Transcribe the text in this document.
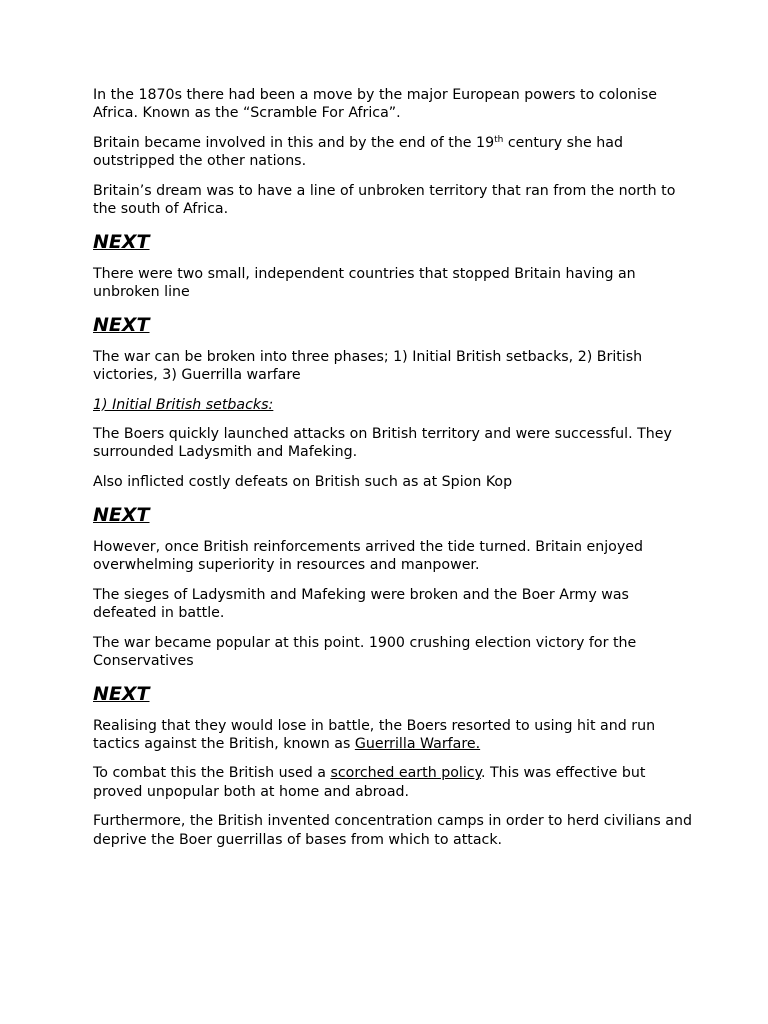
In the 1870s there had been a move by the major European powers to colonise Africa. Known as the “Scramble For Africa”.

Britain became involved in this and by the end of the 19th century she had outstripped the other nations.

Britain’s dream was to have a line of unbroken territory that ran from the north to the south of Africa.

NEXT

There were two small, independent countries that stopped Britain having an unbroken line

NEXT

The war can be broken into three phases; 1) Initial British setbacks, 2) British victories, 3) Guerrilla warfare

1) Initial British setbacks:

The Boers quickly launched attacks on British territory and were successful. They surrounded Ladysmith and Mafeking.

Also inflicted costly defeats on British such as at Spion Kop

NEXT

However, once British reinforcements arrived the tide turned. Britain enjoyed overwhelming superiority in resources and manpower.

The sieges of Ladysmith and Mafeking were broken and the Boer Army was defeated in battle.

The war became popular at this point. 1900 crushing election victory for the Conservatives

NEXT

Realising that they would lose in battle, the Boers resorted to using hit and run tactics against the British, known as Guerrilla Warfare.

To combat this the British used a scorched earth policy. This was effective but proved unpopular both at home and abroad.

Furthermore, the British invented concentration camps in order to herd civilians and deprive the Boer guerrillas of bases from which to attack.
